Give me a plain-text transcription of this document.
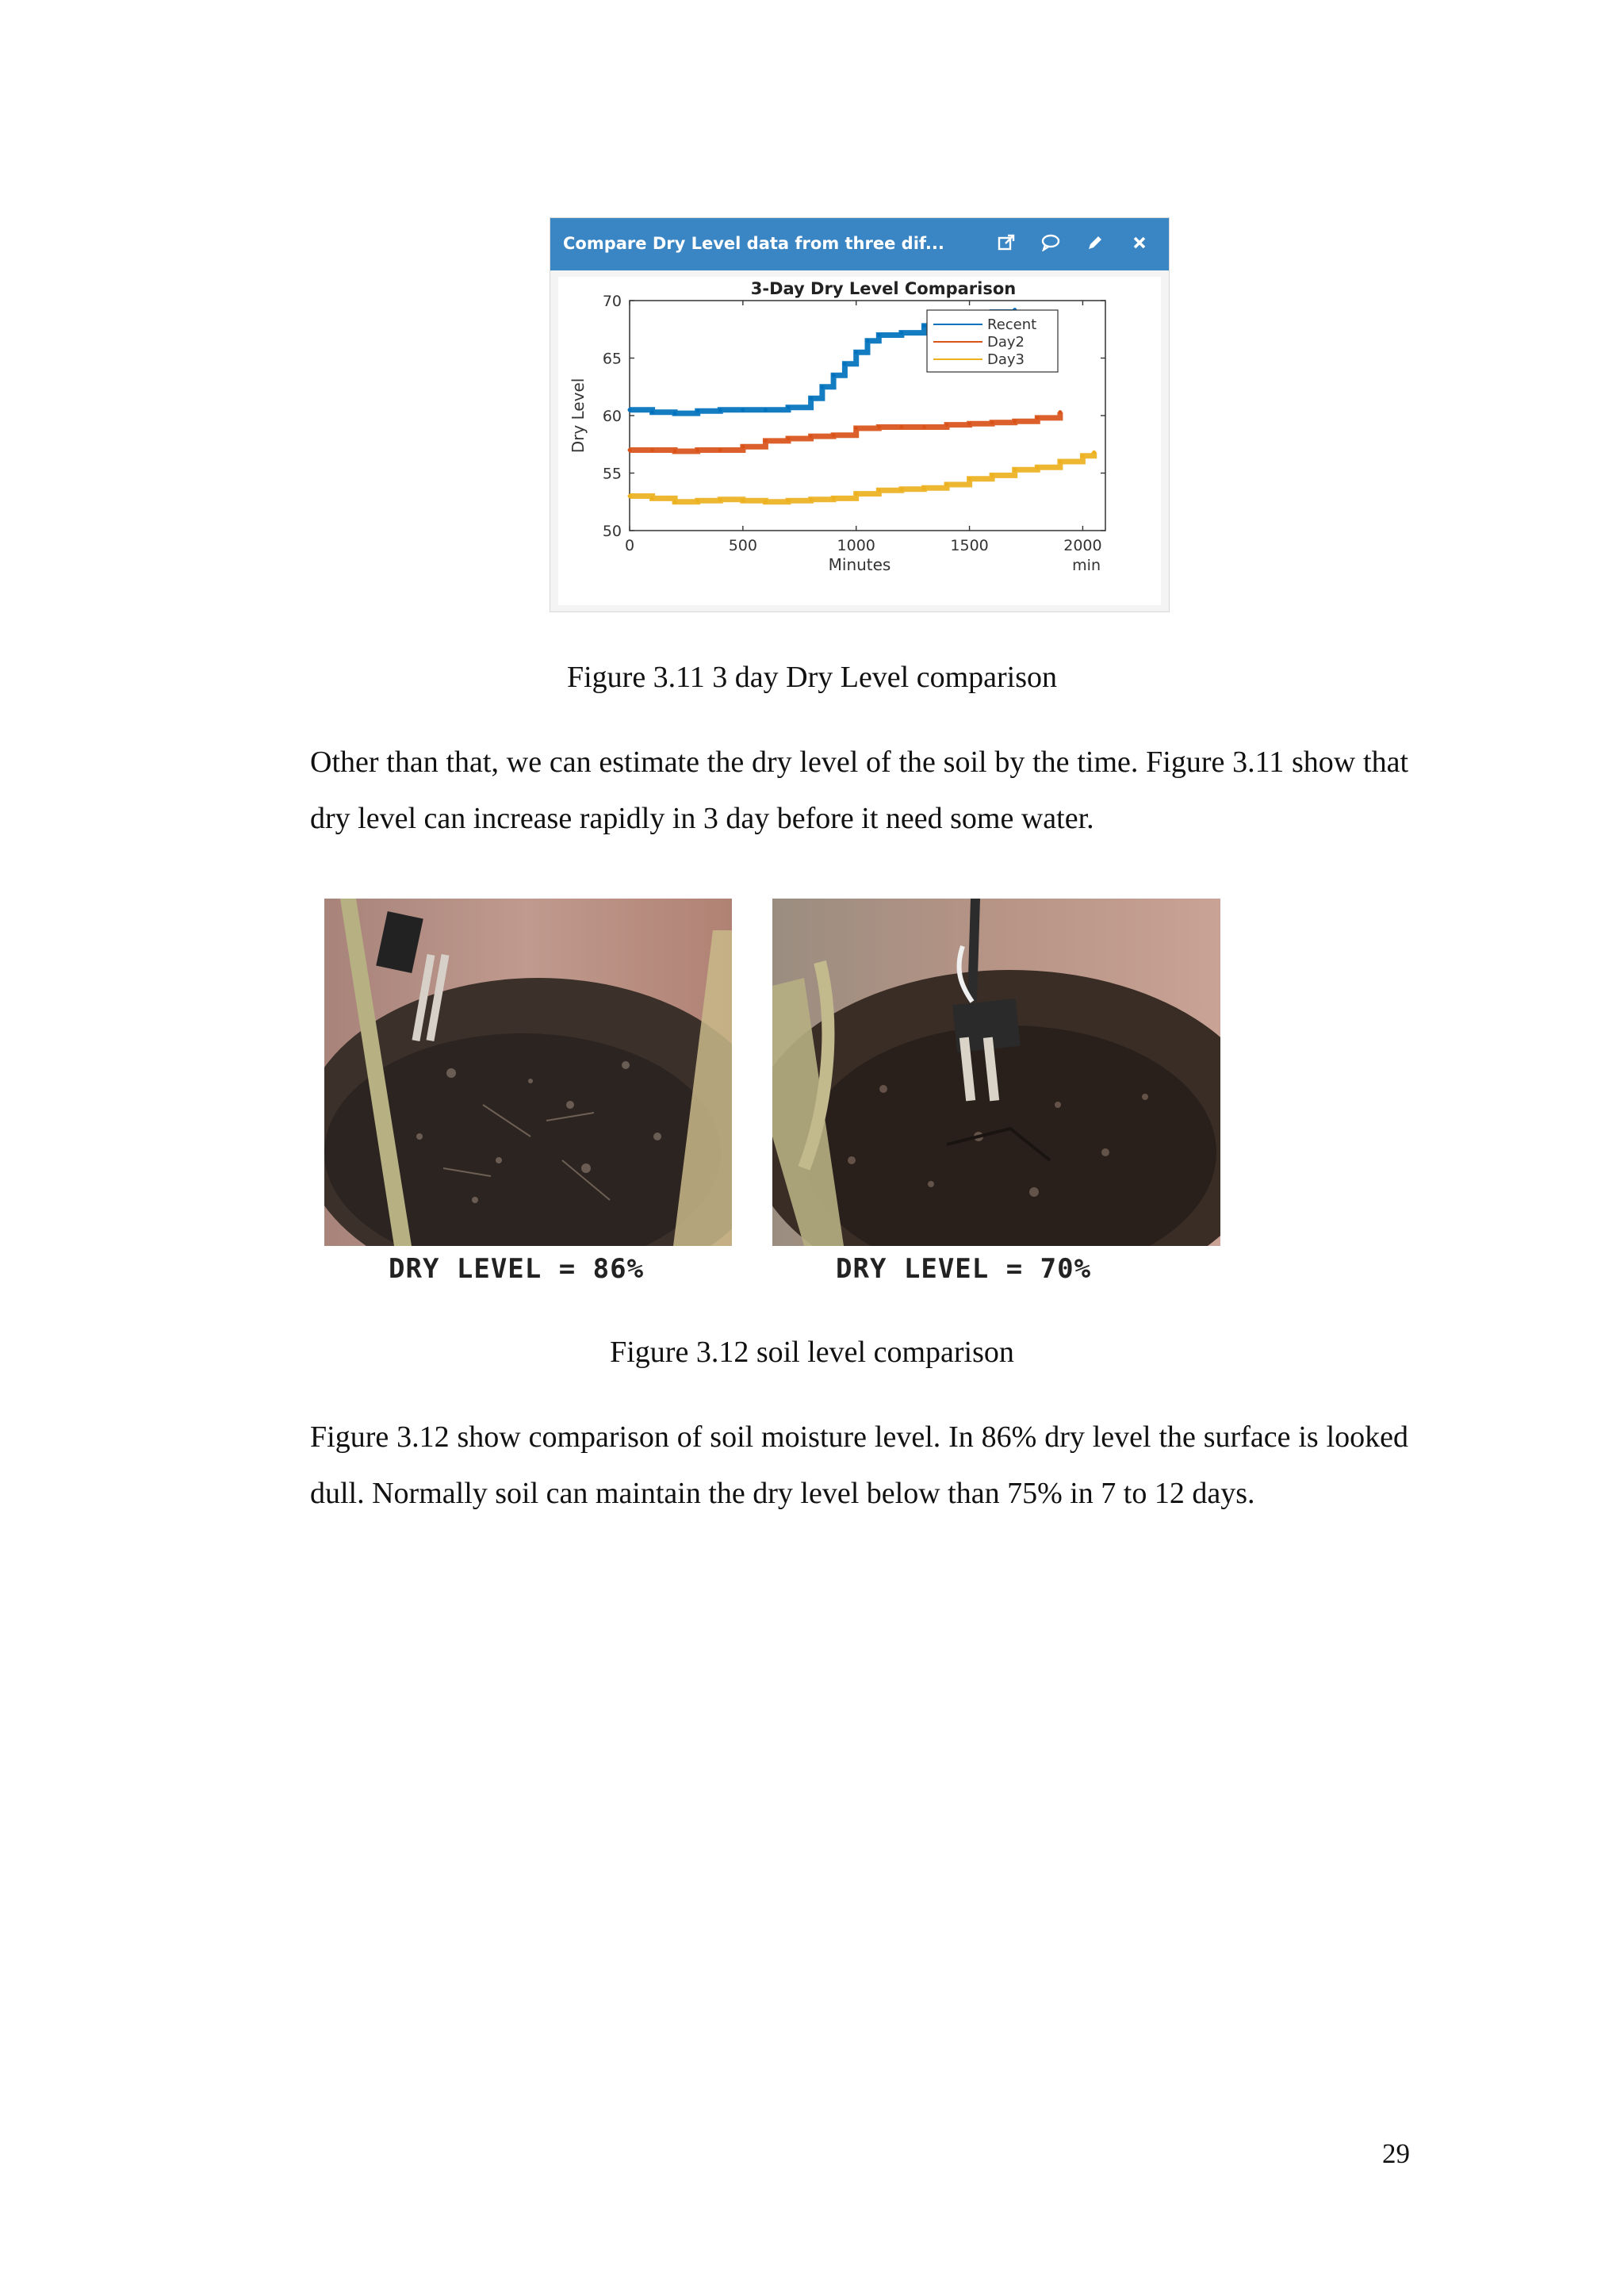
Compare Dry Level data from three dif...
3-Day Dry Level Comparison
50
55
60
65
70
0	500	1000	1500	2000
Minutes	min
Dry Level
Recent
Day2
Day3
Figure 3.11 3 day Dry Level comparison

Other than that, we can estimate the dry level of the soil by the time. Figure 3.11 show that dry level can increase rapidly in 3 day before it need some water.

DRY LEVEL = 86%	DRY LEVEL = 70%
Figure 3.12 soil level comparison

Figure 3.12 show comparison of soil moisture level. In 86% dry level the surface is looked dull. Normally soil can maintain the dry level below than 75% in 7 to 12 days.

29
